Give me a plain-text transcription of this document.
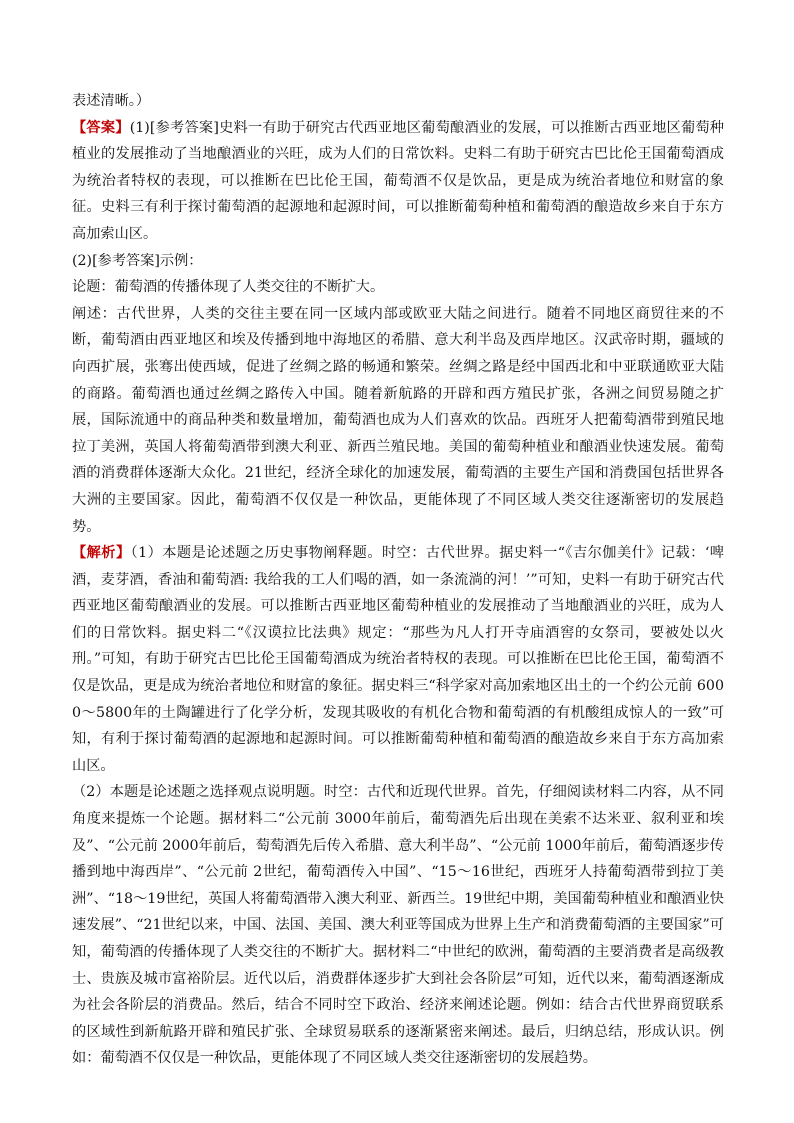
表述清晰。）

【答案】(1)[参考答案]史料一有助于研究古代西亚地区葡萄酿酒业的发展，可以推断古西亚地区葡萄种植业的发展推动了当地酿酒业的兴旺，成为人们的日常饮料。史料二有助于研究古巴比伦王国葡萄酒成为统治者特权的表现，可以推断在巴比伦王国，葡萄酒不仅是饮品，更是成为统治者地位和财富的象征。史料三有利于探讨葡萄酒的起源地和起源时间，可以推断葡萄种植和葡萄酒的酿造故乡来自于东方高加索山区。

(2)[参考答案]示例：

论题：葡萄酒的传播体现了人类交往的不断扩大。

阐述：古代世界，人类的交往主要在同一区域内部或欧亚大陆之间进行。随着不同地区商贸往来的不断，葡萄酒由西亚地区和埃及传播到地中海地区的希腊、意大利半岛及西岸地区。汉武帝时期，疆域的向西扩展，张骞出使西域，促进了丝绸之路的畅通和繁荣。丝绸之路是经中国西北和中亚联通欧亚大陆的商路。葡萄酒也通过丝绸之路传入中国。随着新航路的开辟和西方殖民扩张，各洲之间贸易随之扩展，国际流通中的商品种类和数量增加，葡萄酒也成为人们喜欢的饮品。西班牙人把葡萄酒带到殖民地拉丁美洲，英国人将葡萄酒带到澳大利亚、新西兰殖民地。美国的葡萄种植业和酿酒业快速发展。葡萄酒的消费群体逐渐大众化。21世纪，经济全球化的加速发展，葡萄酒的主要生产国和消费国包括世界各大洲的主要国家。因此，葡萄酒不仅仅是一种饮品，更能体现了不同区域人类交往逐渐密切的发展趋势。

【解析】（1）本题是论述题之历史事物阐释题。时空：古代世界。据史料一“《吉尔伽美什》记载：‘啤酒，麦芽酒，香油和葡萄酒: 我给我的工人们喝的酒，如一条流淌的河！’”可知，史料一有助于研究古代西亚地区葡萄酿酒业的发展。可以推断古西亚地区葡萄种植业的发展推动了当地酿酒业的兴旺，成为人们的日常饮料。据史料二“《汉谟拉比法典》规定：“那些为凡人打开寺庙酒窖的女祭司，要被处以火刑。”可知，有助于研究古巴比伦王国葡萄酒成为统治者特权的表现。可以推断在巴比伦王国，葡萄酒不仅是饮品，更是成为统治者地位和财富的象征。据史料三“科学家对高加索地区出土的一个约公元前 6000～5800年的土陶罐进行了化学分析，发现其吸收的有机化合物和葡萄酒的有机酸组成惊人的一致”可知，有利于探讨葡萄酒的起源地和起源时间。可以推断葡萄种植和葡萄酒的酿造故乡来自于东方高加索山区。

（2）本题是论述题之选择观点说明题。时空：古代和近现代世界。首先，仔细阅读材料二内容，从不同角度来提炼一个论题。据材料二“公元前 3000年前后，葡萄酒先后出现在美索不达米亚、叙利亚和埃及”、“公元前 2000年前后，萄萄酒先后传入希腊、意大利半岛”、“公元前 1000年前后，葡萄酒逐步传播到地中海西岸”、“公元前 2世纪，葡萄酒传入中国”、“15～16世纪，西班牙人持葡萄酒带到拉丁美洲”、“18～19世纪，英国人将葡萄酒带入澳大利亚、新西兰。19世纪中期，美国葡萄种植业和酿酒业快速发展”、“21世纪以来，中国、法国、美国、澳大利亚等国成为世界上生产和消费葡萄酒的主要国家”可知，葡萄酒的传播体现了人类交往的不断扩大。据材料二“中世纪的欧洲，葡萄酒的主要消费者是高级教士、贵族及城市富裕阶层。近代以后，消费群体逐步扩大到社会各阶层”可知，近代以来，葡萄酒逐渐成为社会各阶层的消费品。然后，结合不同时空下政治、经济来阐述论题。例如：结合古代世界商贸联系的区域性到新航路开辟和殖民扩张、全球贸易联系的逐渐紧密来阐述。最后，归纳总结，形成认识。例如：葡萄酒不仅仅是一种饮品，更能体现了不同区域人类交往逐渐密切的发展趋势。
